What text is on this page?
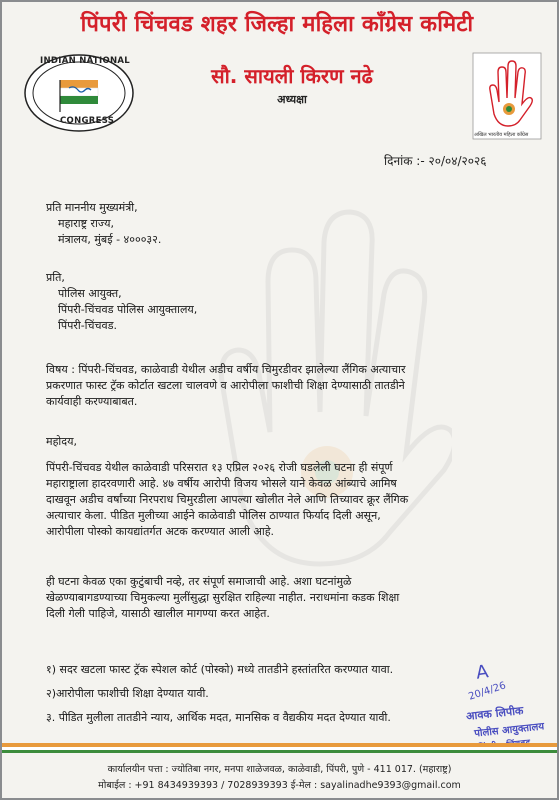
पिंपरी चिंचवड शहर जिल्हा महिला कॉंग्रेस कमिटी
INDIAN NATIONAL
CONGRESS
सौ. सायली किरण नढे
अध्यक्षा
अखिल भारतीय महिला काँग्रेस
दिनांक :- २०/०४/२०२६
प्रति माननीय मुख्यमंत्री,
महाराष्ट्र राज्य,
मंत्रालय, मुंबई - ४०००३२.
प्रति,
पोलिस आयुक्त,
पिंपरी-चिंचवड पोलिस आयुक्तालय,
पिंपरी-चिंचवड.
विषय : पिंपरी-चिंचवड, काळेवाडी येथील अडीच वर्षीय चिमुरडीवर झालेल्या लैंगिक अत्याचार
प्रकरणात फास्ट ट्रॅक कोर्टात खटला चालवणे व आरोपीला फाशीची शिक्षा देण्यासाठी तातडीने
कार्यवाही करण्याबाबत.
महोदय,
पिंपरी-चिंचवड येथील काळेवाडी परिसरात १३ एप्रिल २०२६ रोजी घडलेली घटना ही संपूर्ण
महाराष्ट्राला हादरवणारी आहे. ४७ वर्षीय आरोपी विजय भोसले याने केवळ आंब्याचे आमिष
दाखवून अडीच वर्षांच्या निरपराध चिमुरडीला आपल्या खोलीत नेले आणि तिच्यावर क्रूर लैंगिक
अत्याचार केला. पीडित मुलीच्या आईने काळेवाडी पोलिस ठाण्यात फिर्याद दिली असून,
आरोपीला पोस्को कायद्यांतर्गत अटक करण्यात आली आहे.
ही घटना केवळ एका कुटुंबाची नव्हे, तर संपूर्ण समाजाची आहे. अशा घटनांमुळे
खेळण्याबागडण्याच्या चिमुकल्या मुलींसुद्धा सुरक्षित राहिल्या नाहीत. नराधमांना कडक शिक्षा
दिली गेली पाहिजे, यासाठी खालील मागण्या करत आहेत.
१) सदर खटला फास्ट ट्रॅक स्पेशल कोर्ट (पोस्को) मध्ये तातडीने हस्तांतरित करण्यात यावा.
२)आरोपीला फाशीची शिक्षा देण्यात यावी.
३. पीडित मुलीला तातडीने न्याय, आर्थिक मदत, मानसिक व वैद्यकीय मदत देण्यात यावी.
A
20/4/26
आवक लिपीक
पोलीस आयुक्तालय
कार्यालयीन पत्ता : ज्योतिबा नगर, मनपा शाळेजवळ, काळेवाडी, पिंपरी, पुणे - 411 017. (महाराष्ट्र)
मोबाईल : +91 8434939393 / 7028939393 ई-मेल : sayalinadhe9393@gmail.com
